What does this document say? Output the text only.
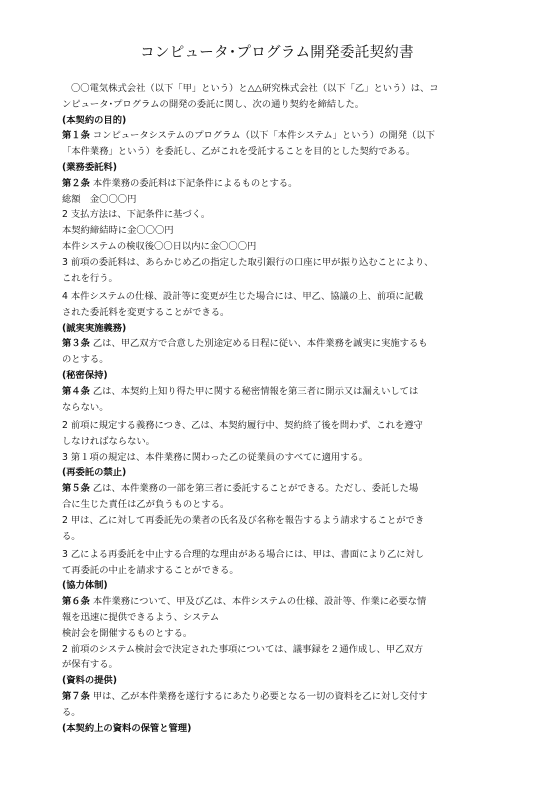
コンピュータ･プログラム開発委託契約書
〇〇電気株式会社（以下「甲」という）と△△研究株式会社（以下「乙」という）は、コ
ンピュータ･プログラムの開発の委託に関し、次の通り契約を締結した。
(本契約の目的)
第１条 コンピュータシステムのプログラム（以下「本件システム」という）の開発（以下
「本件業務」という）を委託し、乙がこれを受託することを目的とした契約である。
(業務委託料)
第２条 本件業務の委託料は下記条件によるものとする。
総額　金〇〇〇円
2 支払方法は、下記条件に基づく。
本契約締結時に金〇〇〇円
本件システムの検収後〇〇日以内に金〇〇〇円
3 前項の委託料は、あらかじめ乙の指定した取引銀行の口座に甲が振り込むことにより、
これを行う。
4 本件システムの仕様、設計等に変更が生じた場合には、甲乙、協議の上、前項に記載
された委託料を変更することができる。
(誠実実施義務)
第３条 乙は、甲乙双方で合意した別途定める日程に従い、本件業務を誠実に実施するも
のとする。
(秘密保持)
第４条 乙は、本契約上知り得た甲に関する秘密情報を第三者に開示又は漏えいしては
ならない。
2 前項に規定する義務につき、乙は、本契約履行中、契約終了後を問わず、これを遵守
しなければならない。
3 第１項の規定は、本件業務に関わった乙の従業員のすべてに適用する。
(再委託の禁止)
第５条 乙は、本件業務の一部を第三者に委託することができる。ただし、委託した場
合に生じた責任は乙が負うものとする。
2 甲は、乙に対して再委託先の業者の氏名及び名称を報告するよう請求することができ
る。
3 乙による再委託を中止する合理的な理由がある場合には、甲は、書面により乙に対し
て再委託の中止を請求することができる。
(協力体制)
第６条 本件業務について、甲及び乙は、本件システムの仕様、設計等、作業に必要な情
報を迅速に提供できるよう、システム
検討会を開催するものとする。
2 前項のシステム検討会で決定された事項については、議事録を２通作成し、甲乙双方
が保有する。
(資料の提供)
第７条 甲は、乙が本件業務を遂行するにあたり必要となる一切の資料を乙に対し交付す
る。
(本契約上の資料の保管と管理)
